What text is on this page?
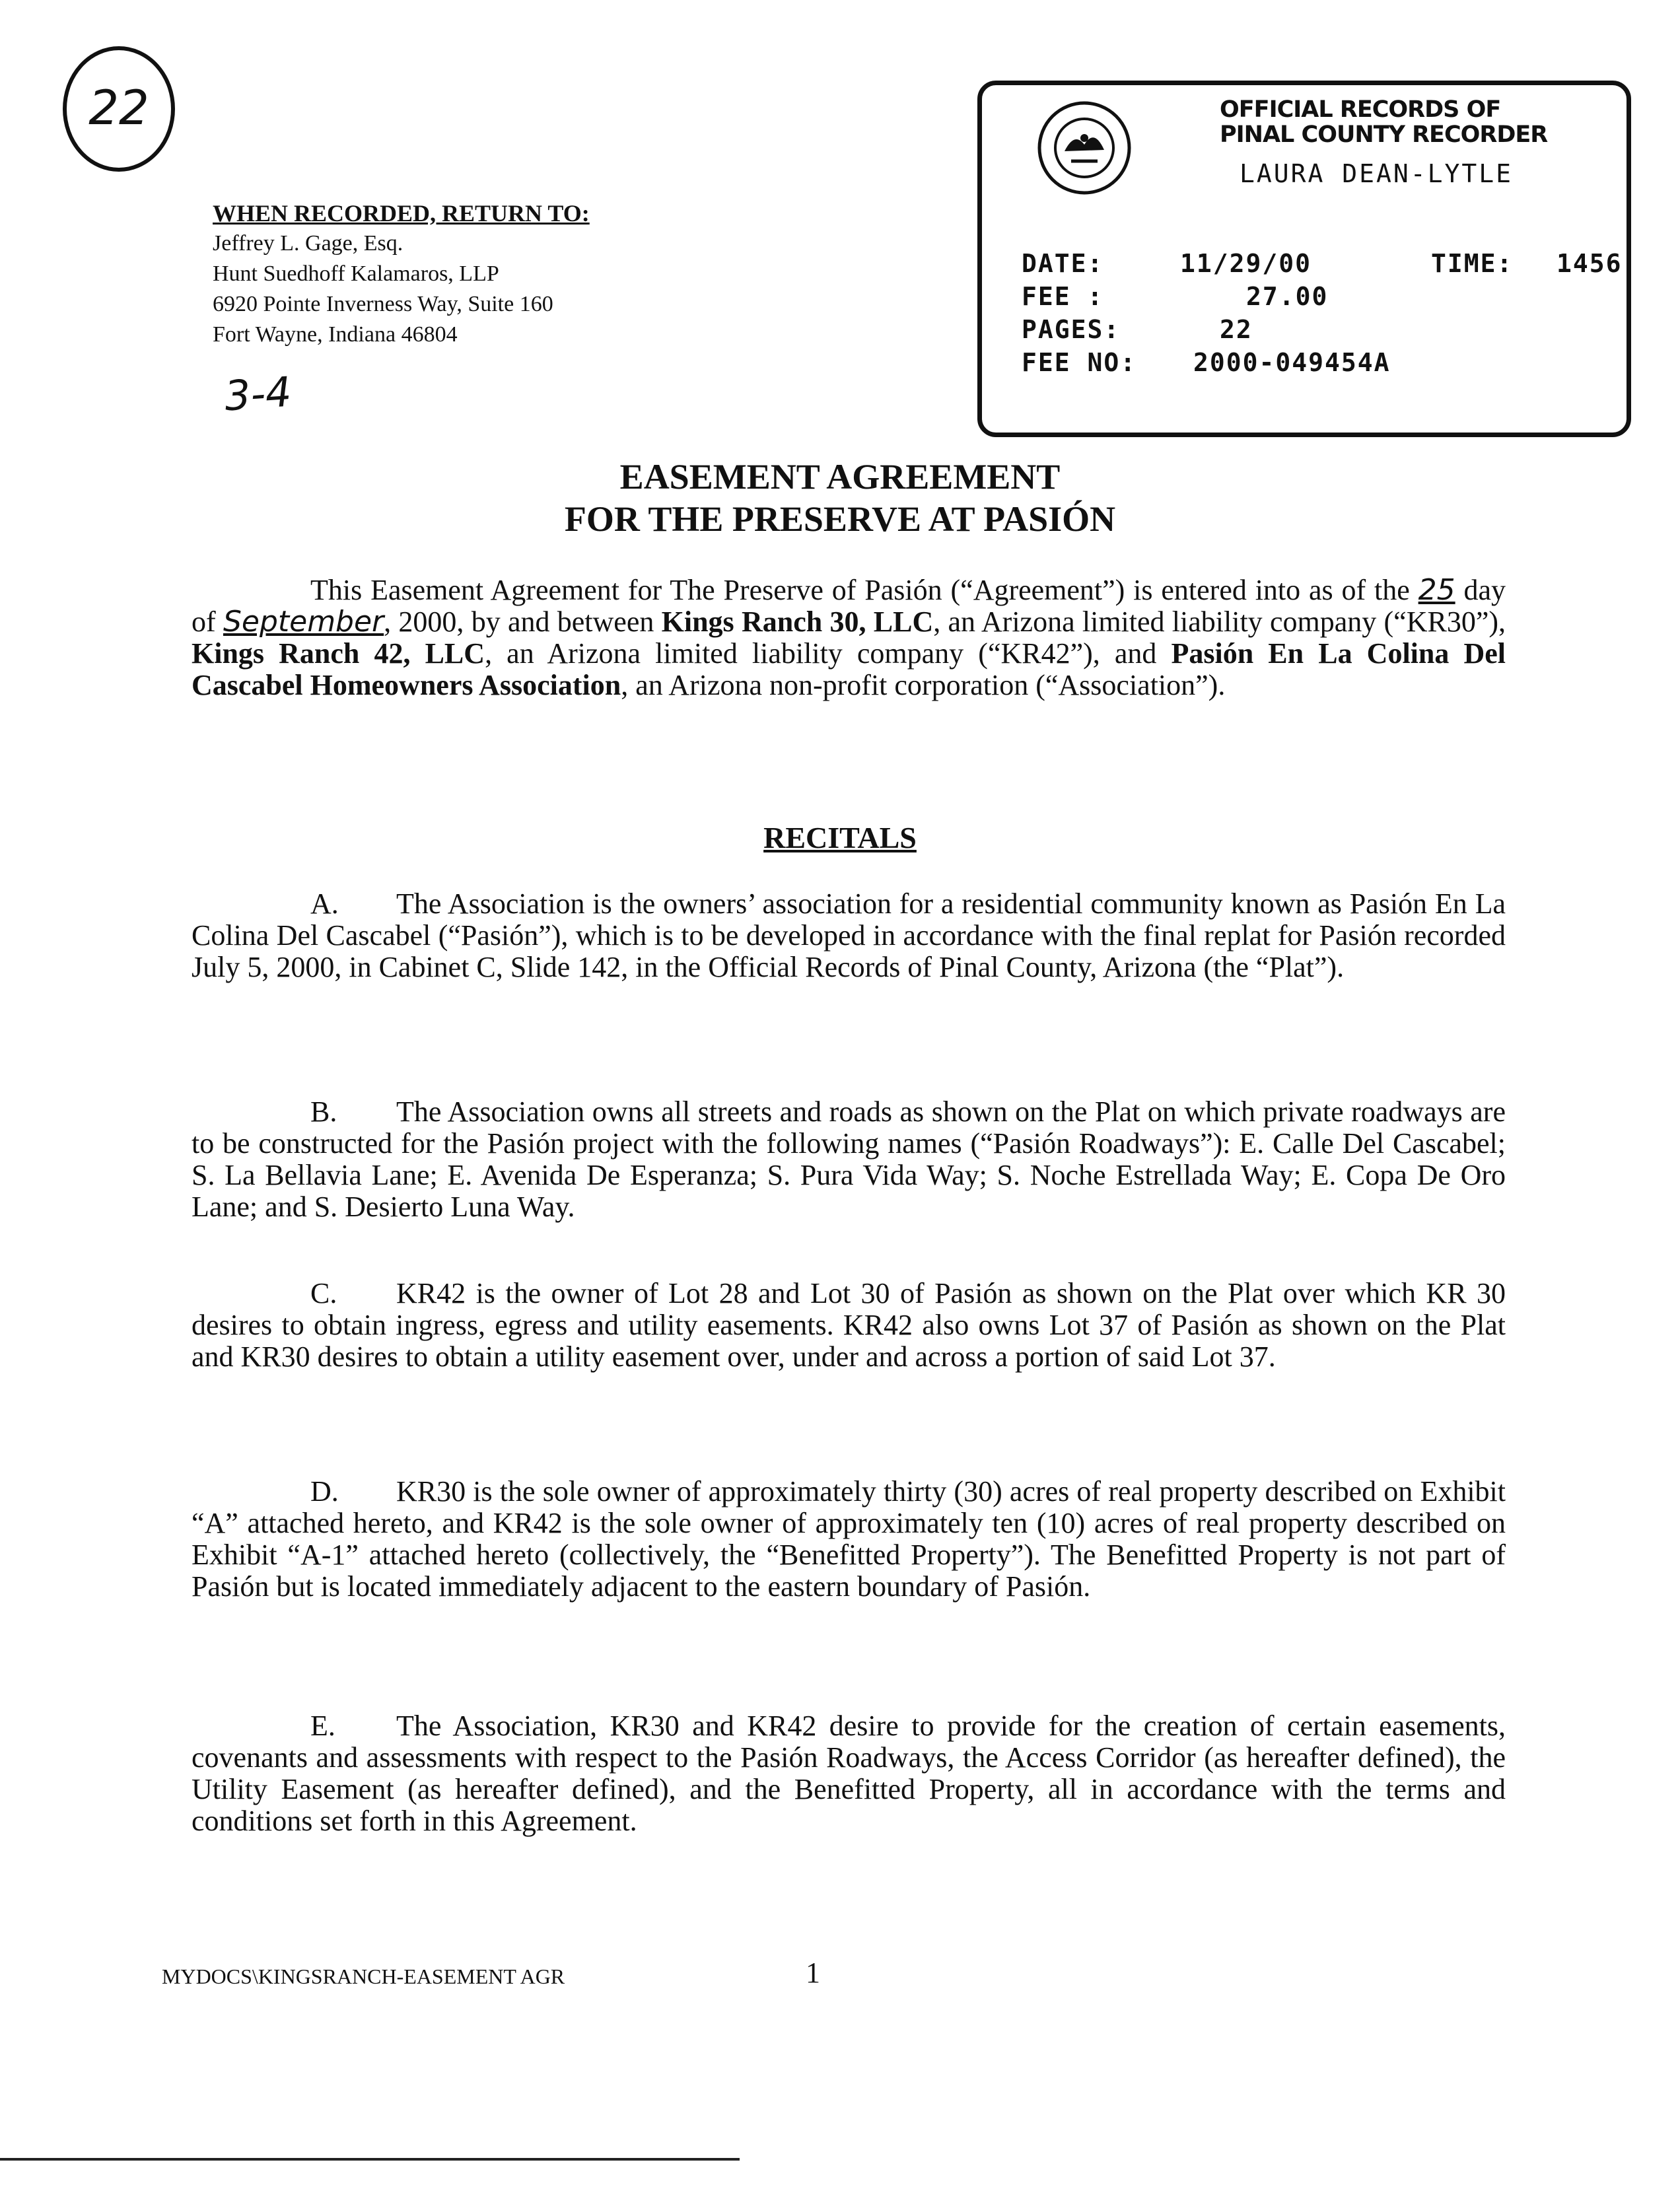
22
WHEN RECORDED, RETURN TO:
Jeffrey L. Gage, Esq.
Hunt Suedhoff Kalamaros, LLP
6920 Pointe Inverness Way, Suite 160
Fort Wayne, Indiana 46804
3-4
OFFICIAL RECORDS OF
PINAL COUNTY RECORDER
LAURA DEAN-LYTLE
DATE:	11/29/00	TIME: 1456
FEE :	27.00
PAGES:	22
FEE NO: 2000-049454A
EASEMENT AGREEMENT
FOR THE PRESERVE AT PASIÓN
This Easement Agreement for The Preserve of Pasión (“Agreement”) is entered into as of the 25 day of September, 2000, by and between Kings Ranch 30, LLC, an Arizona limited liability company (“KR30”), Kings Ranch 42, LLC, an Arizona limited liability company (“KR42”), and Pasión En La Colina Del Cascabel Homeowners Association, an Arizona non-profit corporation (“Association”).
RECITALS
A. The Association is the owners’ association for a residential community known as Pasión En La Colina Del Cascabel (“Pasión”), which is to be developed in accordance with the final replat for Pasión recorded July 5, 2000, in Cabinet C, Slide 142, in the Official Records of Pinal County, Arizona (the “Plat”).
B. The Association owns all streets and roads as shown on the Plat on which private roadways are to be constructed for the Pasión project with the following names (“Pasión Roadways”): E. Calle Del Cascabel; S. La Bellavia Lane; E. Avenida De Esperanza; S. Pura Vida Way; S. Noche Estrellada Way; E. Copa De Oro Lane; and S. Desierto Luna Way.
C. KR42 is the owner of Lot 28 and Lot 30 of Pasión as shown on the Plat over which KR 30 desires to obtain ingress, egress and utility easements. KR42 also owns Lot 37 of Pasión as shown on the Plat and KR30 desires to obtain a utility easement over, under and across a portion of said Lot 37.
D. KR30 is the sole owner of approximately thirty (30) acres of real property described on Exhibit “A” attached hereto, and KR42 is the sole owner of approximately ten (10) acres of real property described on Exhibit “A-1” attached hereto (collectively, the “Benefitted Property”). The Benefitted Property is not part of Pasión but is located immediately adjacent to the eastern boundary of Pasión.
E. The Association, KR30 and KR42 desire to provide for the creation of certain easements, covenants and assessments with respect to the Pasión Roadways, the Access Corridor (as hereafter defined), the Utility Easement (as hereafter defined), and the Benefitted Property, all in accordance with the terms and conditions set forth in this Agreement.
MYDOCS\KINGSRANCH-EASEMENT AGR	1
